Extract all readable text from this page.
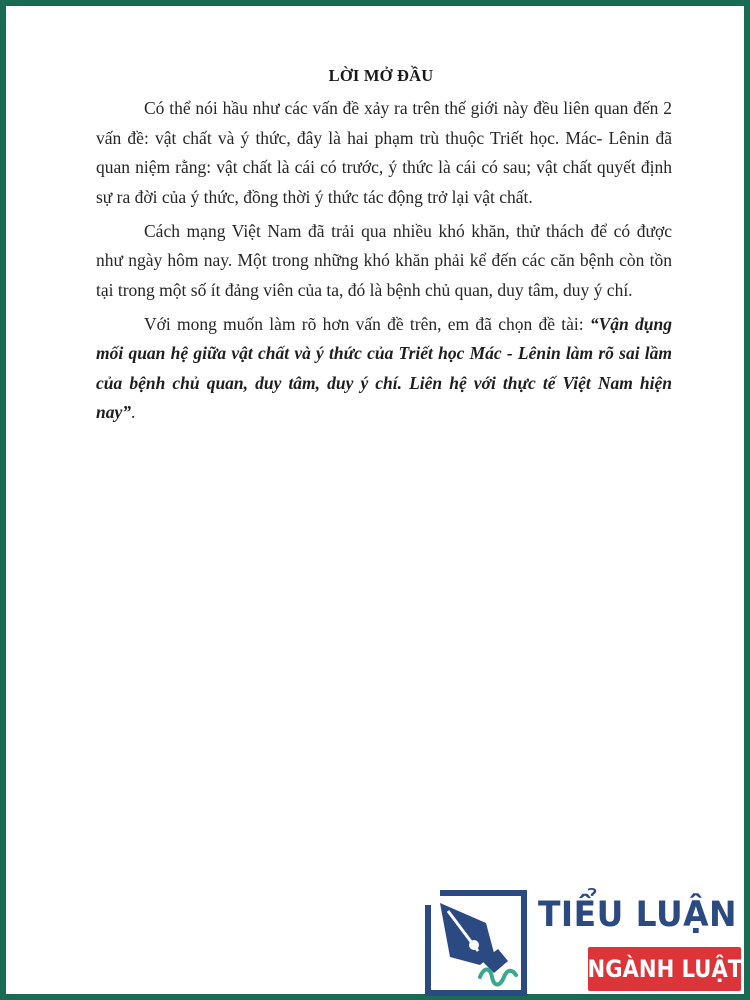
LỜI MỞ ĐẦU

Có thể nói hầu như các vấn đề xảy ra trên thế giới này đều liên quan đến 2 vấn đề: vật chất và ý thức, đây là hai phạm trù thuộc Triết học. Mác- Lênin đã quan niệm rằng: vật chất là cái có trước, ý thức là cái có sau; vật chất quyết định sự ra đời của ý thức, đồng thời ý thức tác động trở lại vật chất.

Cách mạng Việt Nam đã trải qua nhiều khó khăn, thử thách để có được như ngày hôm nay. Một trong những khó khăn phải kể đến các căn bệnh còn tồn tại trong một số ít đảng viên của ta, đó là bệnh chủ quan, duy tâm, duy ý chí.

Với mong muốn làm rõ hơn vấn đề trên, em đã chọn đề tài: “Vận dụng mối quan hệ giữa vật chất và ý thức của Triết học Mác - Lênin làm rõ sai lầm của bệnh chủ quan, duy tâm, duy ý chí. Liên hệ với thực tế Việt Nam hiện nay”.

TIỂU LUẬN
NGÀNH LUẬT
